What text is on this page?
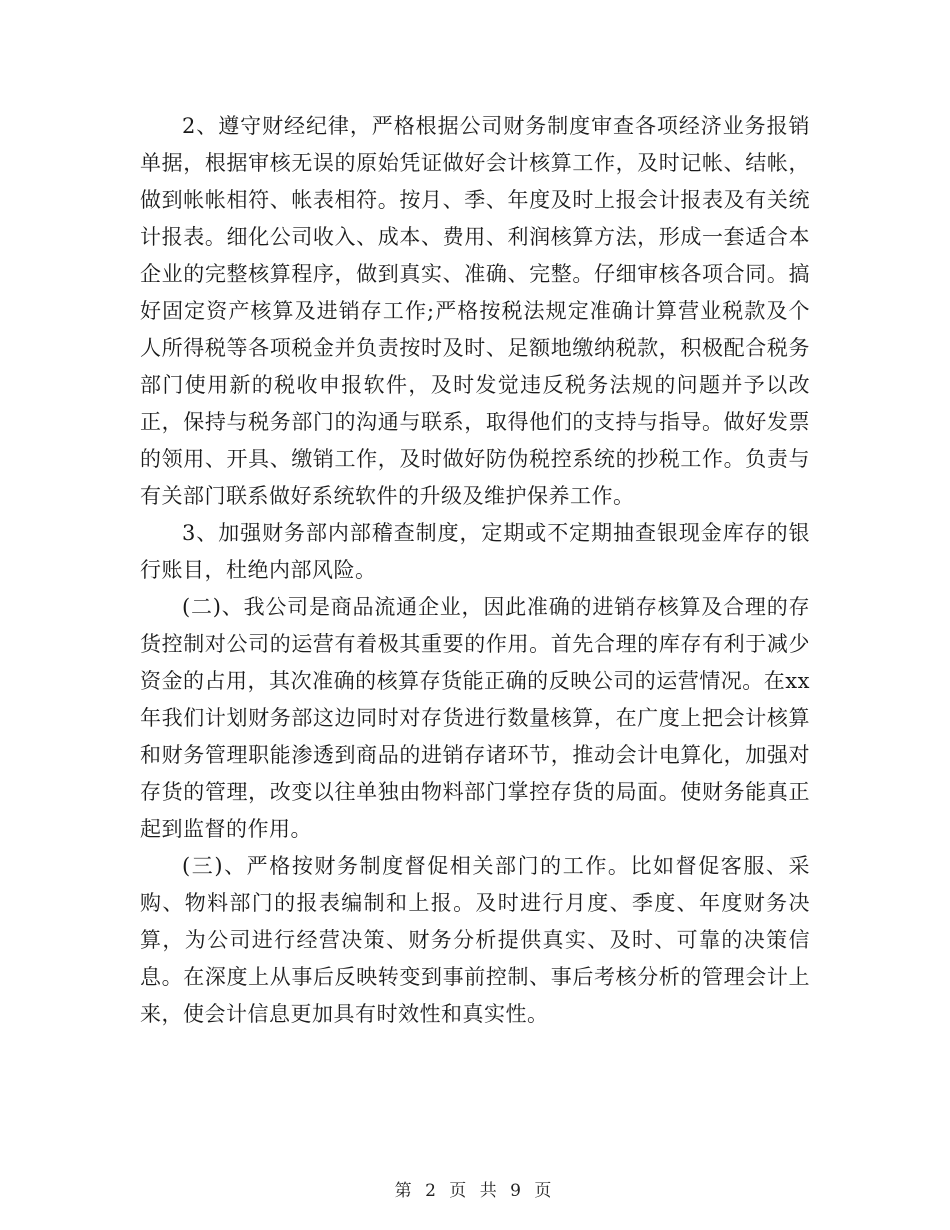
2、遵守财经纪律，严格根据公司财务制度审查各项经济业务报销单据，根据审核无误的原始凭证做好会计核算工作，及时记帐、结帐，做到帐帐相符、帐表相符。按月、季、年度及时上报会计报表及有关统计报表。细化公司收入、成本、费用、利润核算方法，形成一套适合本企业的完整核算程序，做到真实、准确、完整。仔细审核各项合同。搞好固定资产核算及进销存工作;严格按税法规定准确计算营业税款及个人所得税等各项税金并负责按时及时、足额地缴纳税款，积极配合税务部门使用新的税收申报软件，及时发觉违反税务法规的问题并予以改正，保持与税务部门的沟通与联系，取得他们的支持与指导。做好发票的领用、开具、缴销工作，及时做好防伪税控系统的抄税工作。负责与有关部门联系做好系统软件的升级及维护保养工作。

3、加强财务部内部稽查制度，定期或不定期抽查银现金库存的银行账目，杜绝内部风险。

(二)、我公司是商品流通企业，因此准确的进销存核算及合理的存货控制对公司的运营有着极其重要的作用。首先合理的库存有利于减少资金的占用，其次准确的核算存货能正确的反映公司的运营情况。在xx年我们计划财务部这边同时对存货进行数量核算，在广度上把会计核算和财务管理职能渗透到商品的进销存诸环节，推动会计电算化，加强对存货的管理，改变以往单独由物料部门掌控存货的局面。使财务能真正起到监督的作用。

(三)、严格按财务制度督促相关部门的工作。比如督促客服、采购、物料部门的报表编制和上报。及时进行月度、季度、年度财务决算，为公司进行经营决策、财务分析提供真实、及时、可靠的决策信息。在深度上从事后反映转变到事前控制、事后考核分析的管理会计上来，使会计信息更加具有时效性和真实性。

第 2 页 共 9 页
